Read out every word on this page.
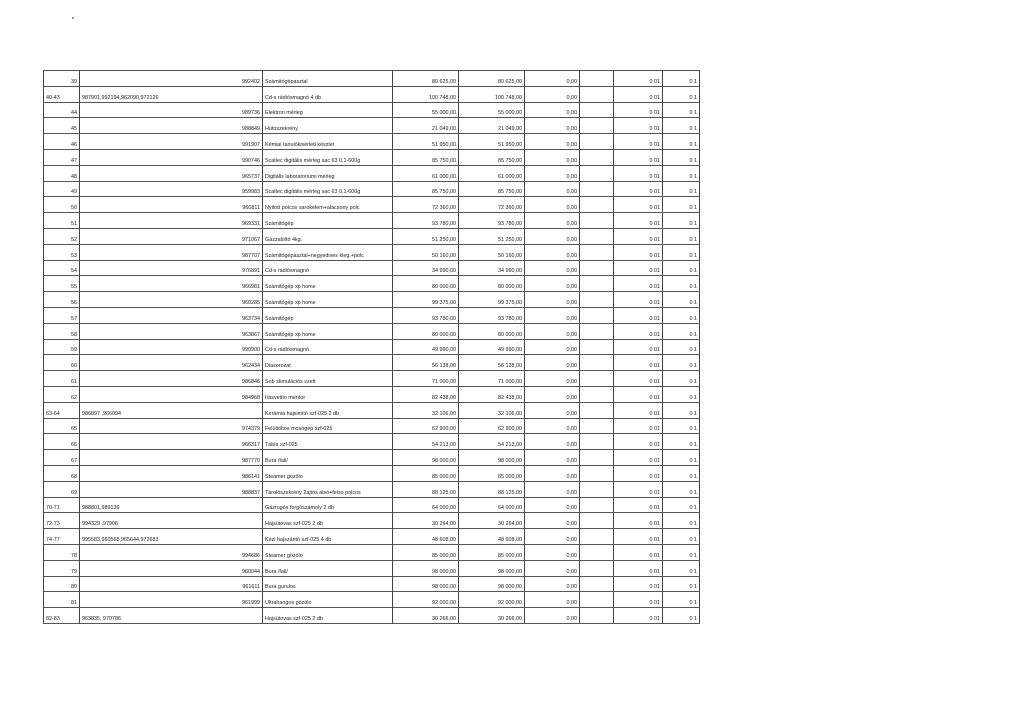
39	992402	Számitógépasztal	80 625,00	80 625,00	0,00		0 01	0 1
40-43	987901,992194,962090,972126	Cd-s rádiósmagnó 4 db	100 748,00	100 748,00	0,00		0 01	0 1
44	989736	Elektron mérleg	55 000,00	55 000,00	0,00		0 01	0 1
45	988849	Hutoszekrény	21 049,00	21 049,00	0,00		0 01	0 1
46	991907	Kémiai tanulókisérleti készlet	51 950,00	51 950,00	0,00		0 01	0 1
47	990746	Scaltec digitális mérleg sac 63 0,1-600g	85 750,00	85 750,00	0,00		0 01	0 1
48	965737	Digitális laboratoriumi mérleg	61 000,00	61 000,00	0,00		0 01	0 1
49	959983	Scaltec digitális mérleg sac 63 0,1-600g	85 750,00	85 750,00	0,00		0 01	0 1
50	960811	Nyitott polcos sarokelem+alacsony polc	72 360,00	72 360,00	0,00		0 01	0 1
51	969331	Számitógép	93 780,00	93 780,00	0,00		0 01	0 1
52	971067	Gázzaloltó 4kg.	51 250,00	51 250,00	0,00		0 01	0 1
53	987707	Számitógépasztal+negyedives kleg.+polc	50 160,00	50 160,00	0,00		0 01	0 1
54	976891	Cd-s rádiósmagnó	34 990,00	34 990,00	0,00		0 01	0 1
55	966981	Számitógép xp home	80 000,00	80 000,00	0,00		0 01	0 1
56	960285	Számitógép xp home	99 375,00	99 375,00	0,00		0 01	0 1
57	963734	Számitógép	93 780,00	93 780,00	0,00		0 01	0 1
58	963867	Számitógép xp home	80 000,00	80 000,00	0,00		0 01	0 1
59	990900	Cd-s rádiósmagnó	49 990,00	49 990,00	0,00		0 01	0 1
60	962434	Diasorozat	56 138,00	56 138,00	0,00		0 01	0 1
61	986846	Sob stimulációs szett	71 000,00	71 000,00	0,00		0 01	0 1
62	984968	Irásvetito mentor	82 438,00	82 438,00	0,00		0 01	0 1
63-64	986897 ,966094	Kerámia hajsimitó szf-025 2 db	32 106,00	32 106,00	0,00		0 01	0 1
65	974379	Felültöltos mosógép szf-025	62 900,00	62 900,00	0,00		0 01	0 1
66	966317	Tábla szf-025	54 213,00	54 213,00	0,00		0 01	0 1
67	987770	Bura /fali/	98 000,00	98 000,00	0,00		0 01	0 1
68	986141	Steamer gozölo	85 000,00	85 000,00	0,00		0 01	0 1
69	988837	Tárolószekrény 2ajtós alsó+felso polcos	88 125,00	88 125,00	0,00		0 01	0 1
70-71	988801,989136	Gázrugós forgószámoly 2 db	64 000,00	64 000,00	0,00		0 01	0 1
72-73	994329 ,97906	Hajsütovas szf-025 2 db	30 264,00	30 264,00	0,00		0 01	0 1
74-77	995583,960568,965644,972683	Kézi hajszáritó szf-025 4 db	48 608,00	48 608,00	0,00		0 01	0 1
78	994686	Steamer gözölo	85 000,00	85 000,00	0,00		0 01	0 1
79	960044	Bura /fali/	98 000,00	98 000,00	0,00		0 01	0 1
80	961611	Bura gurulos	98 000,00	98 000,00	0,00		0 01	0 1
81	961999	Ultrahangos gözölo	92 000,00	92 000,00	0,00		0 01	0 1
82-83	963835, 970786	Hajsütovas szf-025 2 db	30 266,00	30 266,00	0,00		0 01	0 1
